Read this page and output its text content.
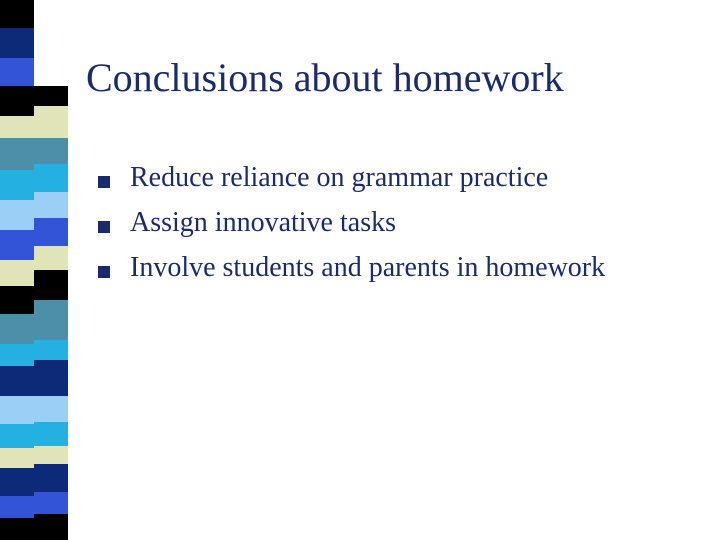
Conclusions about homework
Reduce reliance on grammar practice
Assign innovative tasks
Involve students and parents in homework
